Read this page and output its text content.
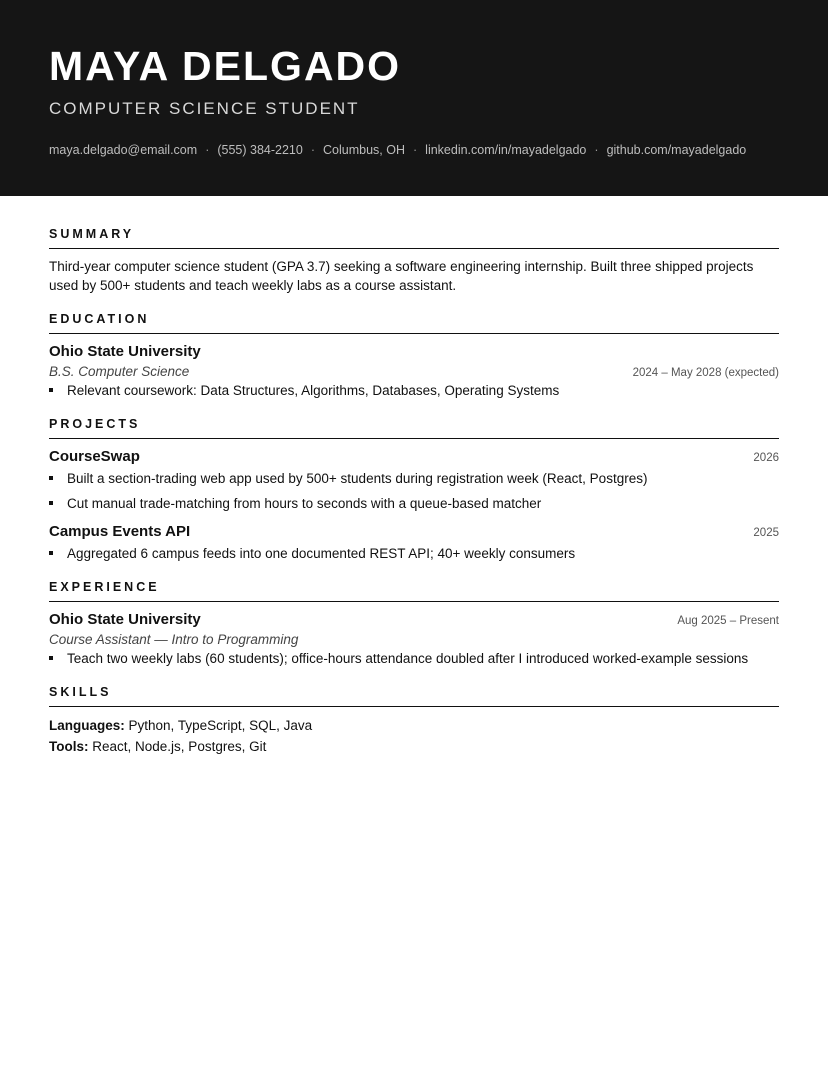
MAYA DELGADO
COMPUTER SCIENCE STUDENT
maya.delgado@email.com · (555) 384-2210 · Columbus, OH · linkedin.com/in/mayadelgado · github.com/mayadelgado
SUMMARY

Third-year computer science student (GPA 3.7) seeking a software engineering internship. Built three shipped projects used by 500+ students and teach weekly labs as a course assistant.

EDUCATION
Ohio State University
B.S. Computer Science	2024 – May 2028 (expected)
Relevant coursework: Data Structures, Algorithms, Databases, Operating Systems
PROJECTS
CourseSwap	2026
Built a section-trading web app used by 500+ students during registration week (React, Postgres)
Cut manual trade-matching from hours to seconds with a queue-based matcher
Campus Events API	2025
Aggregated 6 campus feeds into one documented REST API; 40+ weekly consumers
EXPERIENCE
Ohio State University	Aug 2025 – Present
Course Assistant — Intro to Programming
Teach two weekly labs (60 students); office-hours attendance doubled after I introduced worked-example sessions
SKILLS
Languages: Python, TypeScript, SQL, Java
Tools: React, Node.js, Postgres, Git
